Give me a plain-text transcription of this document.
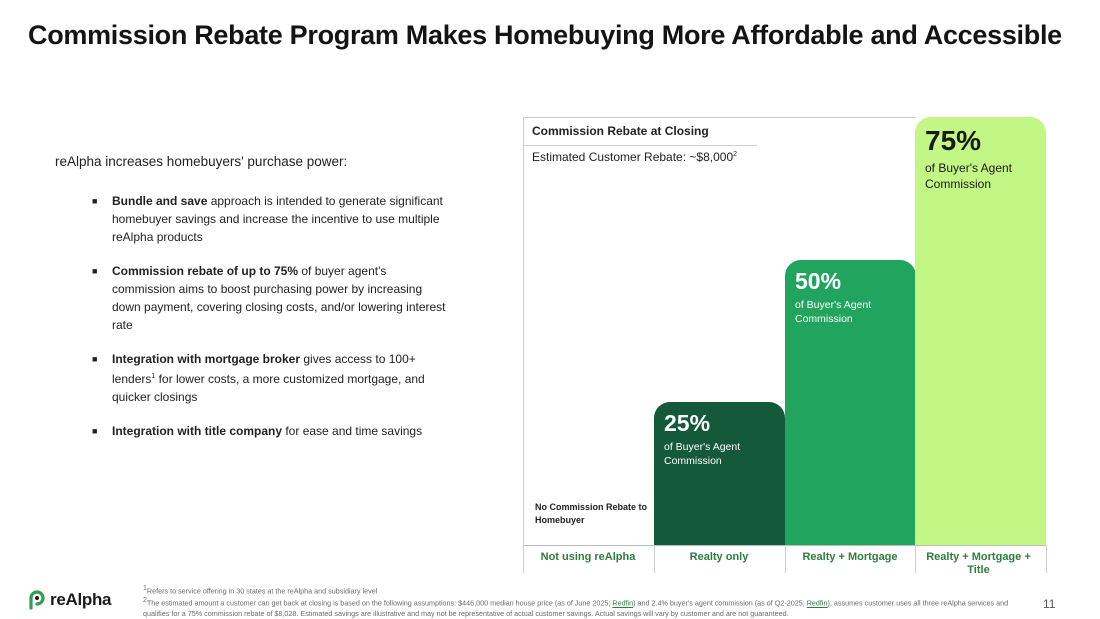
Commission Rebate Program Makes Homebuying More Affordable and Accessible
reAlpha increases homebuyers' purchase power:
■ Bundle and save approach is intended to generate significant homebuyer savings and increase the incentive to use multiple reAlpha products
■ Commission rebate of up to 75% of buyer agent's commission aims to boost purchasing power by increasing down payment, covering closing costs, and/or lowering interest rate
■ Integration with mortgage broker gives access to 100+ lenders$^1$ for lower costs, a more customized mortgage, and quicker closings
■ Integration with title company for ease and time savings
Commission Rebate at Closing
Estimated Customer Rebate: ~$8,000$^2$
No Commission Rebate to Homebuyer
Not using reAlpha
25%
of Buyer's Agent Commission
Realty only
50%
of Buyer's Agent Commission
Realty + Mortgage
75%
of Buyer's Agent Commission
Realty + Mortgage + Title
reAlpha

$^1$Refers to service offering in 30 states at the reAlpha and subsidiary level

$^2$The estimated amount a customer can get back at closing is based on the following assumptions: $446,000 median house price (as of June 2025; Redfin) and 2.4% buyer's agent commission (as of Q2-2025; Redfin); assumes customer uses all three reAlpha services and qualifies for a 75% commission rebate of $8,028. Estimated savings are illustrative and may not be representative of actual customer savings. Actual savings will vary by customer and are not guaranteed.

11
